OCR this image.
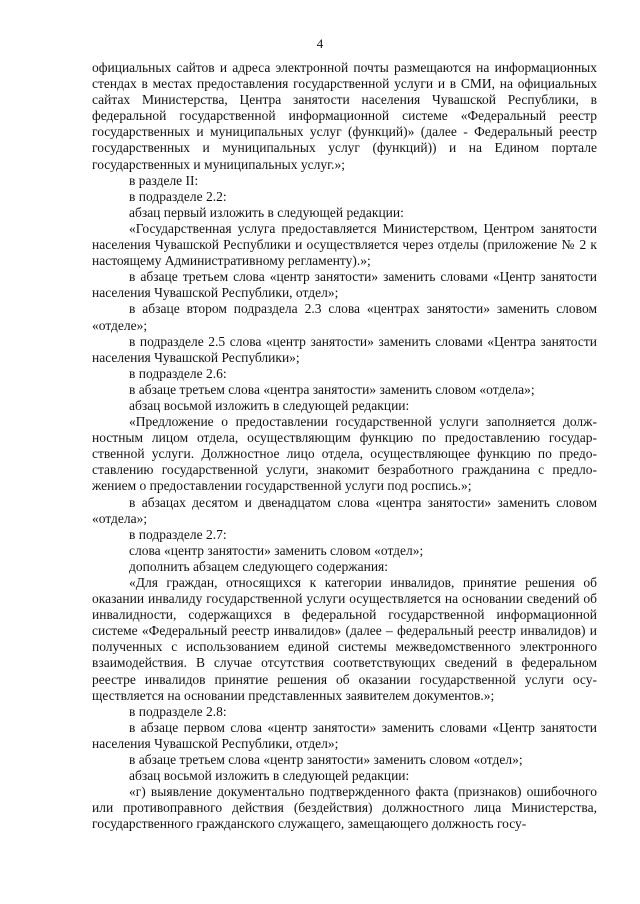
4

официальных сайтов и адреса электронной почты размещаются на информационных стендах в местах предоставления государственной услуги и в СМИ, на официальных сайтах Министерства, Центра занятости населения Чувашской Республики, в федеральной государственной информационной системе «Федеральный реестр государственных и муниципальных услуг (функций)» (далее - Федеральный реестр государственных и муниципальных услуг (функций)) и на Едином портале государственных и муниципальных услуг.»;

в разделе II:

в подразделе 2.2:

абзац первый изложить в следующей редакции:

«Государственная услуга предоставляется Министерством, Центром занятости населения Чувашской Республики и осуществляется через отделы (приложение № 2 к настоящему Административному регламенту).»;

в абзаце третьем слова «центр занятости» заменить словами «Центр занятости населения Чувашской Республики, отдел»;

в абзаце втором подраздела 2.3 слова «центрах занятости» заменить словом «отделе»;

в подразделе 2.5 слова «центр занятости» заменить словами «Центра занятости населения Чувашской Республики»;

в подразделе 2.6:

в абзаце третьем слова «центра занятости» заменить словом «отдела»;

абзац восьмой изложить в следующей редакции:

«Предложение о предоставлении государственной услуги заполняется должностным лицом отдела, осуществляющим функцию по предоставлению государственной услуги. Должностное лицо отдела, осуществляющее функцию по предоставлению государственной услуги, знакомит безработного гражданина с предложением о предоставлении государственной услуги под роспись.»;

в абзацах десятом и двенадцатом слова «центра занятости» заменить словом «отдела»;

в подразделе 2.7:

слова «центр занятости» заменить словом «отдел»;

дополнить абзацем следующего содержания:

«Для граждан, относящихся к категории инвалидов, принятие решения об оказании инвалиду государственной услуги осуществляется на основании сведений об инвалидности, содержащихся в федеральной государственной информационной системе «Федеральный реестр инвалидов» (далее – федеральный реестр инвалидов) и полученных с использованием единой системы межведомственного электронного взаимодействия. В случае отсутствия соответствующих сведений в федеральном реестре инвалидов принятие решения об оказании государственной услуги осуществляется на основании представленных заявителем документов.»;

в подразделе 2.8:

в абзаце первом слова «центр занятости» заменить словами «Центр занятости населения Чувашской Республики, отдел»;

в абзаце третьем слова «центр занятости» заменить словом «отдел»;

абзац восьмой изложить в следующей редакции:

«г) выявление документально подтвержденного факта (признаков) ошибочного или противоправного действия (бездействия) должностного лица Министерства, государственного гражданского служащего, замещающего должность госу-
